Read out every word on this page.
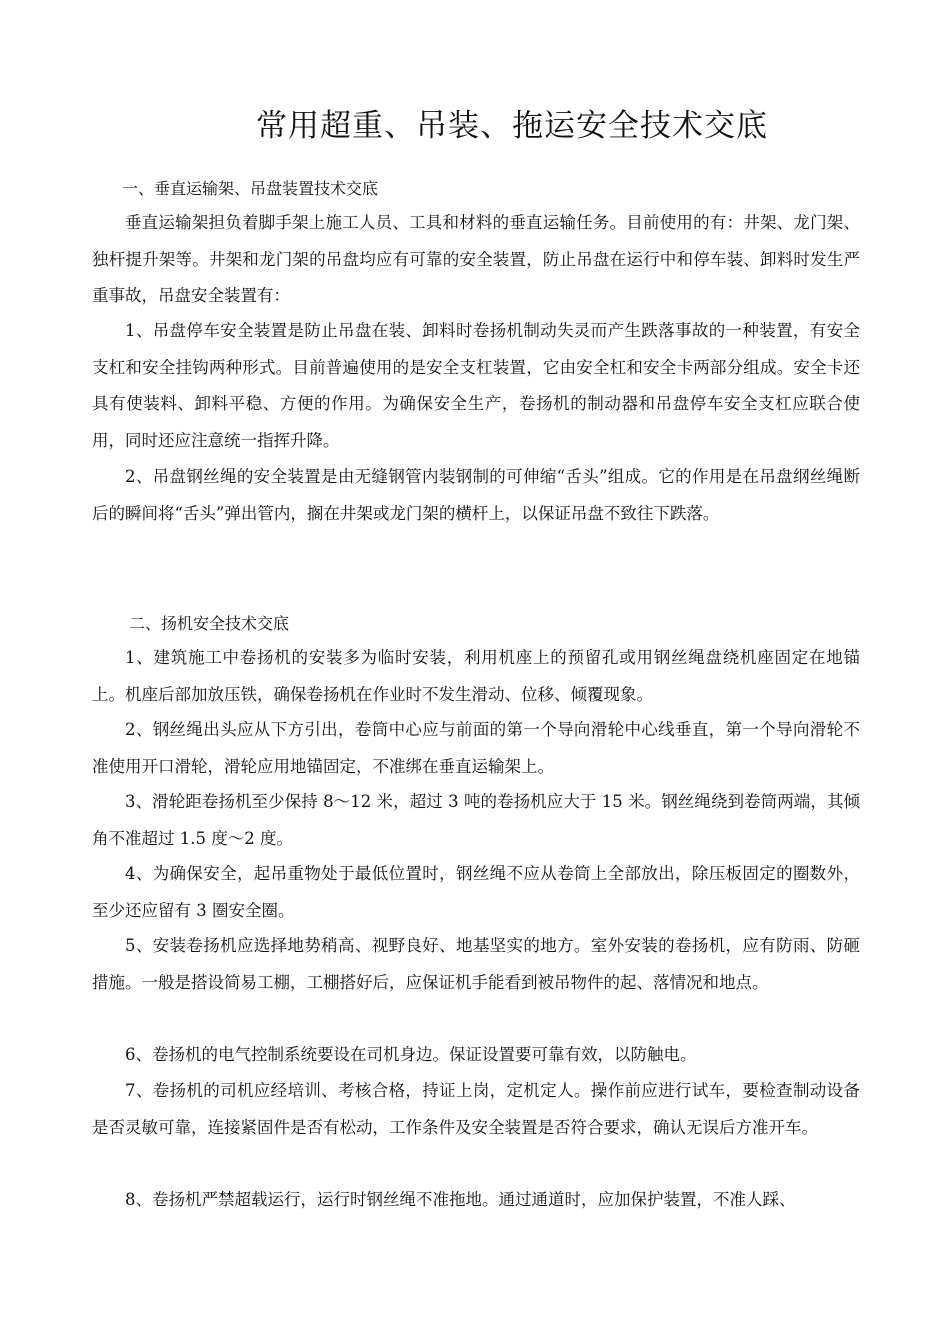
常用超重、吊装、拖运安全技术交底
一、垂直运输架、吊盘装置技术交底

垂直运输架担负着脚手架上施工人员、工具和材料的垂直运输任务。目前使用的有：井架、龙门架、独杆提升架等。井架和龙门架的吊盘均应有可靠的安全装置，防止吊盘在运行中和停车装、卸料时发生严重事故，吊盘安全装置有：

1、吊盘停车安全装置是防止吊盘在装、卸料时卷扬机制动失灵而产生跌落事故的一种装置，有安全支杠和安全挂钩两种形式。目前普遍使用的是安全支杠装置，它由安全杠和安全卡两部分组成。安全卡还具有使装料、卸料平稳、方便的作用。为确保安全生产，卷扬机的制动器和吊盘停车安全支杠应联合使用，同时还应注意统一指挥升降。

2、吊盘钢丝绳的安全装置是由无缝钢管内装钢制的可伸缩“舌头”组成。它的作用是在吊盘纲丝绳断后的瞬间将“舌头”弹出管内，搁在井架或龙门架的横杆上，以保证吊盘不致往下跌落。

二、扬机安全技术交底

1、建筑施工中卷扬机的安装多为临时安装，利用机座上的预留孔或用钢丝绳盘绕机座固定在地锚上。机座后部加放压铁，确保卷扬机在作业时不发生滑动、位移、倾覆现象。

2、钢丝绳出头应从下方引出，卷筒中心应与前面的第一个导向滑轮中心线垂直，第一个导向滑轮不准使用开口滑轮，滑轮应用地锚固定，不准绑在垂直运输架上。

3、滑轮距卷扬机至少保持 8～12 米，超过 3 吨的卷扬机应大于 15 米。钢丝绳绕到卷筒两端，其倾角不准超过 1.5 度～2 度。

4、为确保安全，起吊重物处于最低位置时，钢丝绳不应从卷筒上全部放出，除压板固定的圈数外，至少还应留有 3 圈安全圈。

5、安装卷扬机应选择地势稍高、视野良好、地基坚实的地方。室外安装的卷扬机，应有防雨、防砸措施。一般是搭设简易工棚，工棚搭好后，应保证机手能看到被吊物件的起、落情况和地点。

6、卷扬机的电气控制系统要设在司机身边。保证设置要可靠有效，以防触电。

7、卷扬机的司机应经培训、考核合格，持证上岗，定机定人。操作前应进行试车，要检查制动设备是否灵敏可靠，连接紧固件是否有松动，工作条件及安全装置是否符合要求，确认无误后方准开车。

8、卷扬机严禁超载运行，运行时钢丝绳不准拖地。通过通道时，应加保护装置，不准人踩、
